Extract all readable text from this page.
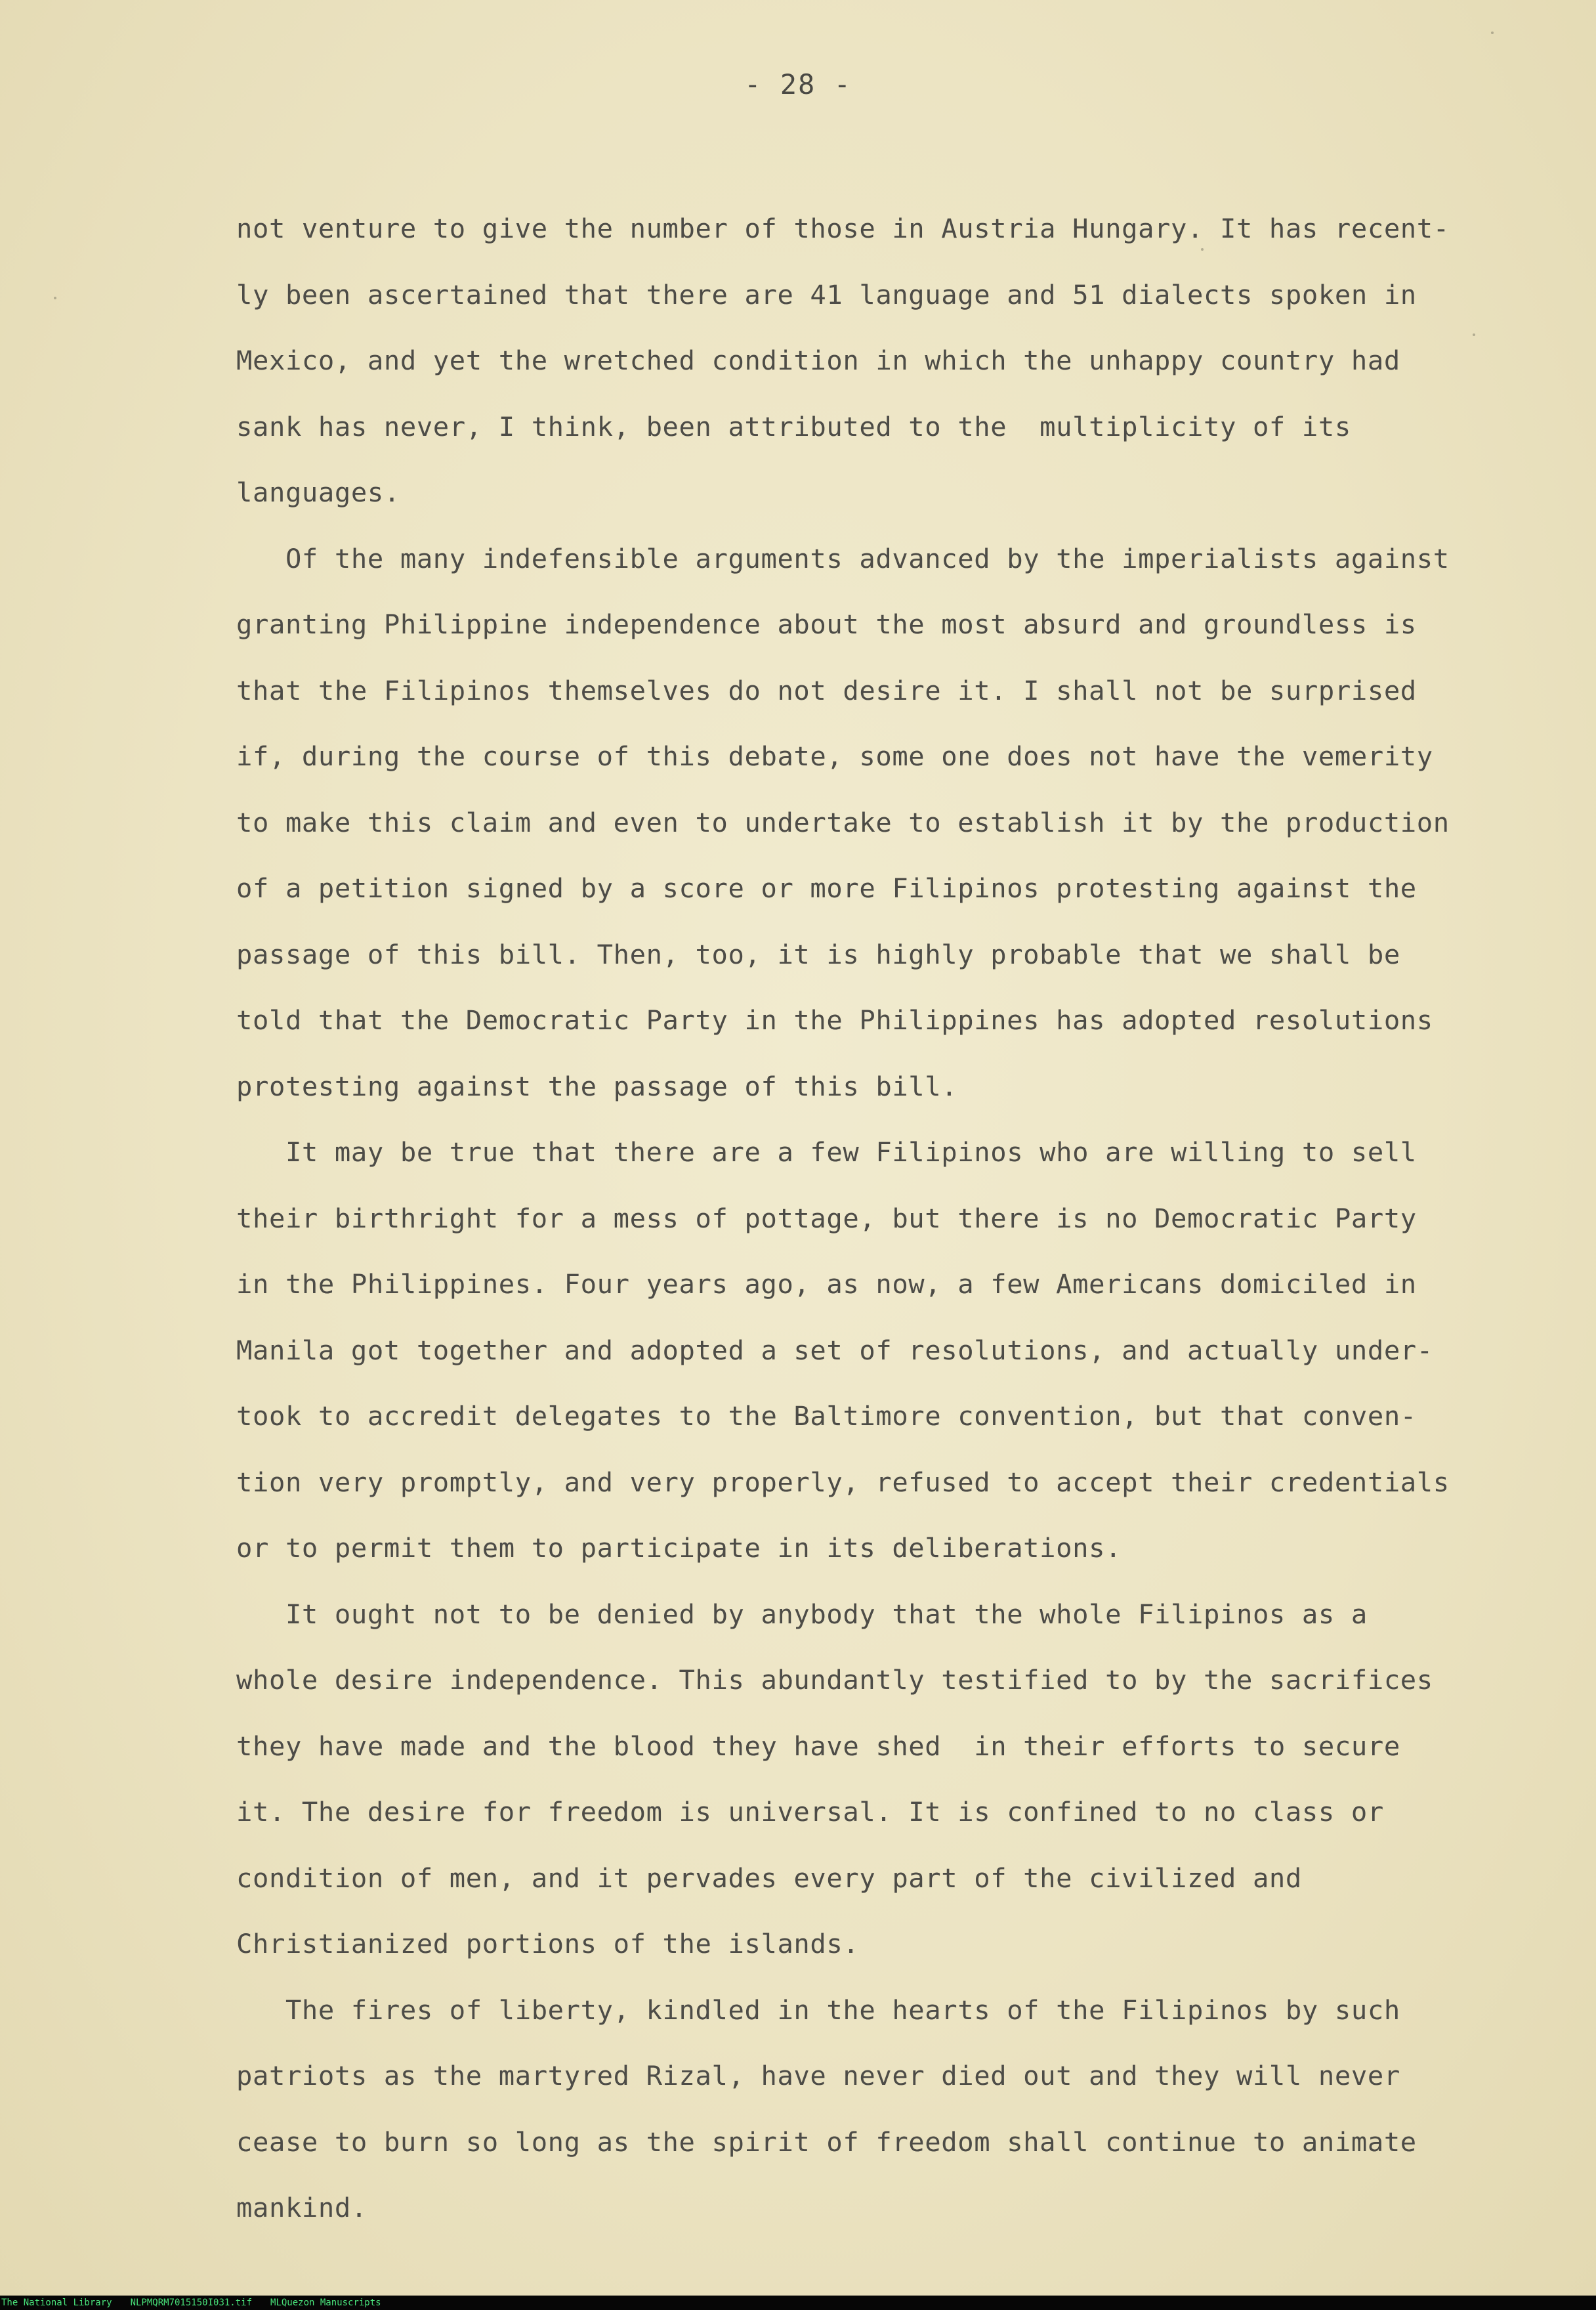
- 28 -
not venture to give the number of those in Austria Hungary. It has recent-
ly been ascertained that there are 41 language and 51 dialects spoken in
Mexico, and yet the wretched condition in which the unhappy country had
sank has never, I think, been attributed to the  multiplicity of its
languages.
Of the many indefensible arguments advanced by the imperialists against
granting Philippine independence about the most absurd and groundless is
that the Filipinos themselves do not desire it. I shall not be surprised
if, during the course of this debate, some one does not have the vemerity
to make this claim and even to undertake to establish it by the production
of a petition signed by a score or more Filipinos protesting against the
passage of this bill. Then, too, it is highly probable that we shall be
told that the Democratic Party in the Philippines has adopted resolutions
protesting against the passage of this bill.
It may be true that there are a few Filipinos who are willing to sell
their birthright for a mess of pottage, but there is no Democratic Party
in the Philippines. Four years ago, as now, a few Americans domiciled in
Manila got together and adopted a set of resolutions, and actually under-
took to accredit delegates to the Baltimore convention, but that conven-
tion very promptly, and very properly, refused to accept their credentials
or to permit them to participate in its deliberations.
It ought not to be denied by anybody that the whole Filipinos as a
whole desire independence. This abundantly testified to by the sacrifices
they have made and the blood they have shed  in their efforts to secure
it. The desire for freedom is universal. It is confined to no class or
condition of men, and it pervades every part of the civilized and
Christianized portions of the islands.
The fires of liberty, kindled in the hearts of the Filipinos by such
patriots as the martyred Rizal, have never died out and they will never
cease to burn so long as the spirit of freedom shall continue to animate
mankind.
The National Library NLPMQRM7015150I031.tif MLQuezon Manuscripts
